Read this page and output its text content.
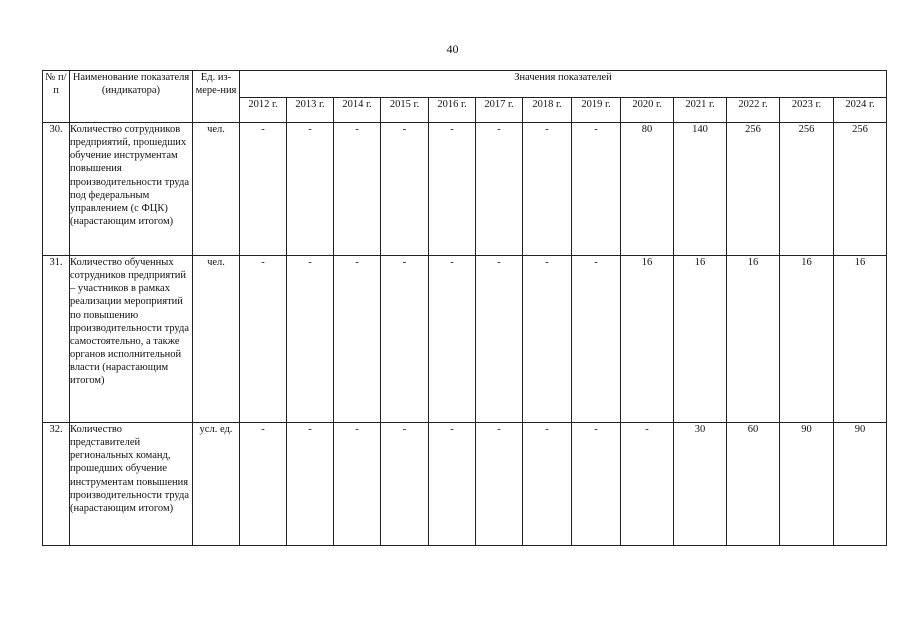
40
№ п/п	Наименование показателя (индикатора)	Ед. из-мере-ния	Значения показателей												
			2012 г.	2013 г.	2014 г.	2015 г.	2016 г.	2017 г.	2018 г.	2019 г.	2020 г.	2021 г.	2022 г.	2023 г.	2024 г.
30.	Количество сотрудников предприятий, прошедших обучение инструментам повышения производительности труда под федеральным управлением (с ФЦК) (нарастающим итогом)	чел.	-	-	-	-	-	-	-	-	80	140	256	256	256
31.	Количество обученных сотрудников предприятий – участников в рамках реализации мероприятий по повышению производительности труда самостоятельно, а также органов исполнительной власти (нарастающим итогом)	чел.	-	-	-	-	-	-	-	-	16	16	16	16	16
32.	Количество представителей региональных команд, прошедших обучение инструментам повышения производительности труда (нарастающим итогом)	усл. ед.	-	-	-	-	-	-	-	-	-	30	60	90	90
